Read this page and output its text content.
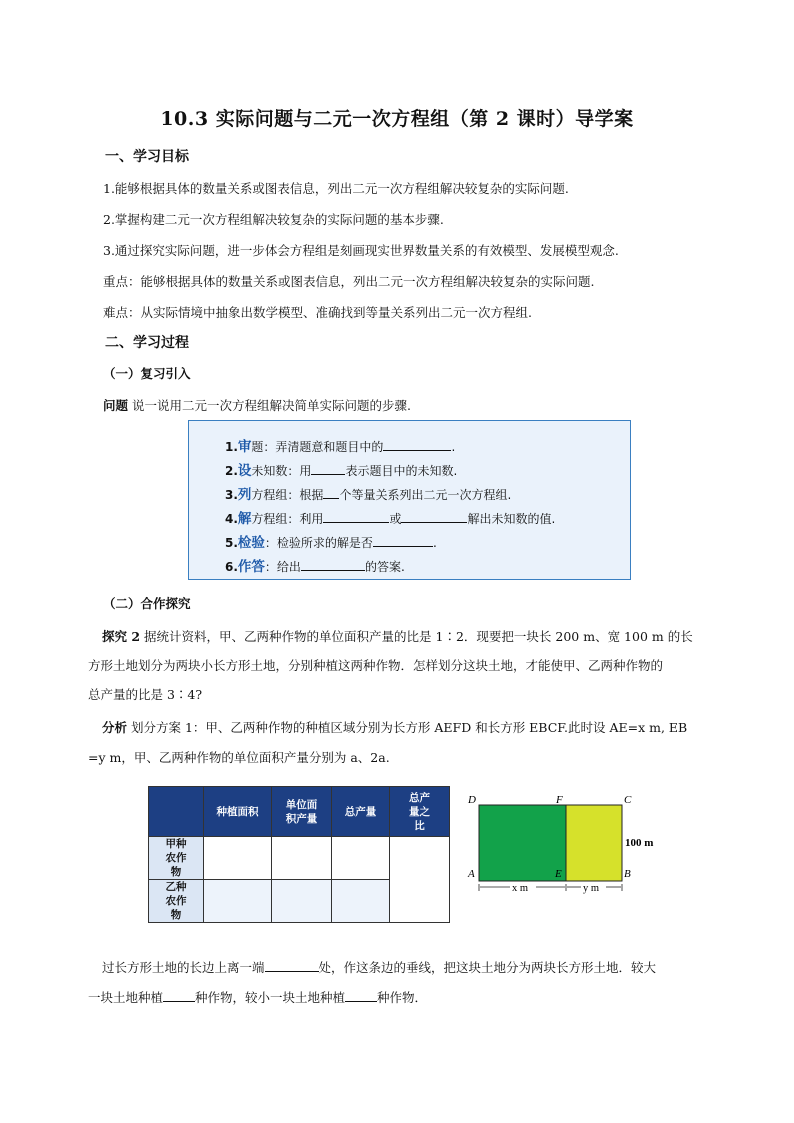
10.3 实际问题与二元一次方程组（第 2 课时）导学案
一、学习目标
1.能够根据具体的数量关系或图表信息，列出二元一次方程组解决较复杂的实际问题.
2.掌握构建二元一次方程组解决较复杂的实际问题的基本步骤.
3.通过探究实际问题，进一步体会方程组是刻画现实世界数量关系的有效模型、发展模型观念.
重点：能够根据具体的数量关系或图表信息，列出二元一次方程组解决较复杂的实际问题.
难点：从实际情境中抽象出数学模型、准确找到等量关系列出二元一次方程组.
二、学习过程
（一）复习引入
问题 说一说用二元一次方程组解决简单实际问题的步骤.
1.审题：弄清题意和题目中的	.
2.设未知数：用	表示题目中的未知数.
3.列方程组：根据 个等量关系列出二元一次方程组.
4.解方程组：利用	或	解出未知数的值.
5.检验：检验所求的解是否	.
6.作答：给出	的答案.
（二）合作探究
探究 2 据统计资料，甲、乙两种作物的单位面积产量的比是 1∶2．现要把一块长 200 m、宽 100 m 的长
方形土地划分为两块小长方形土地，分别种植这两种作物．怎样划分这块土地，才能使甲、乙两种作物的
总产量的比是 3∶4?
分析 划分方案 1：甲、乙两种作物的种植区域分别为长方形 AEFD 和长方形 EBCF.此时设 AE=x m, EB
=y m，甲、乙两种作物的单位面积产量分别为 a、2a.
	种植面积	单位面积产量	总产量	总产量之比
甲种农作物				
乙种农作物				
D	F	C
A	E	B
100 m
x m	y m
过长方形土地的长边上离一端	处，作这条边的垂线，把这块土地分为两块长方形土地．较大
一块土地种植	种作物，较小一块土地种植	种作物．
